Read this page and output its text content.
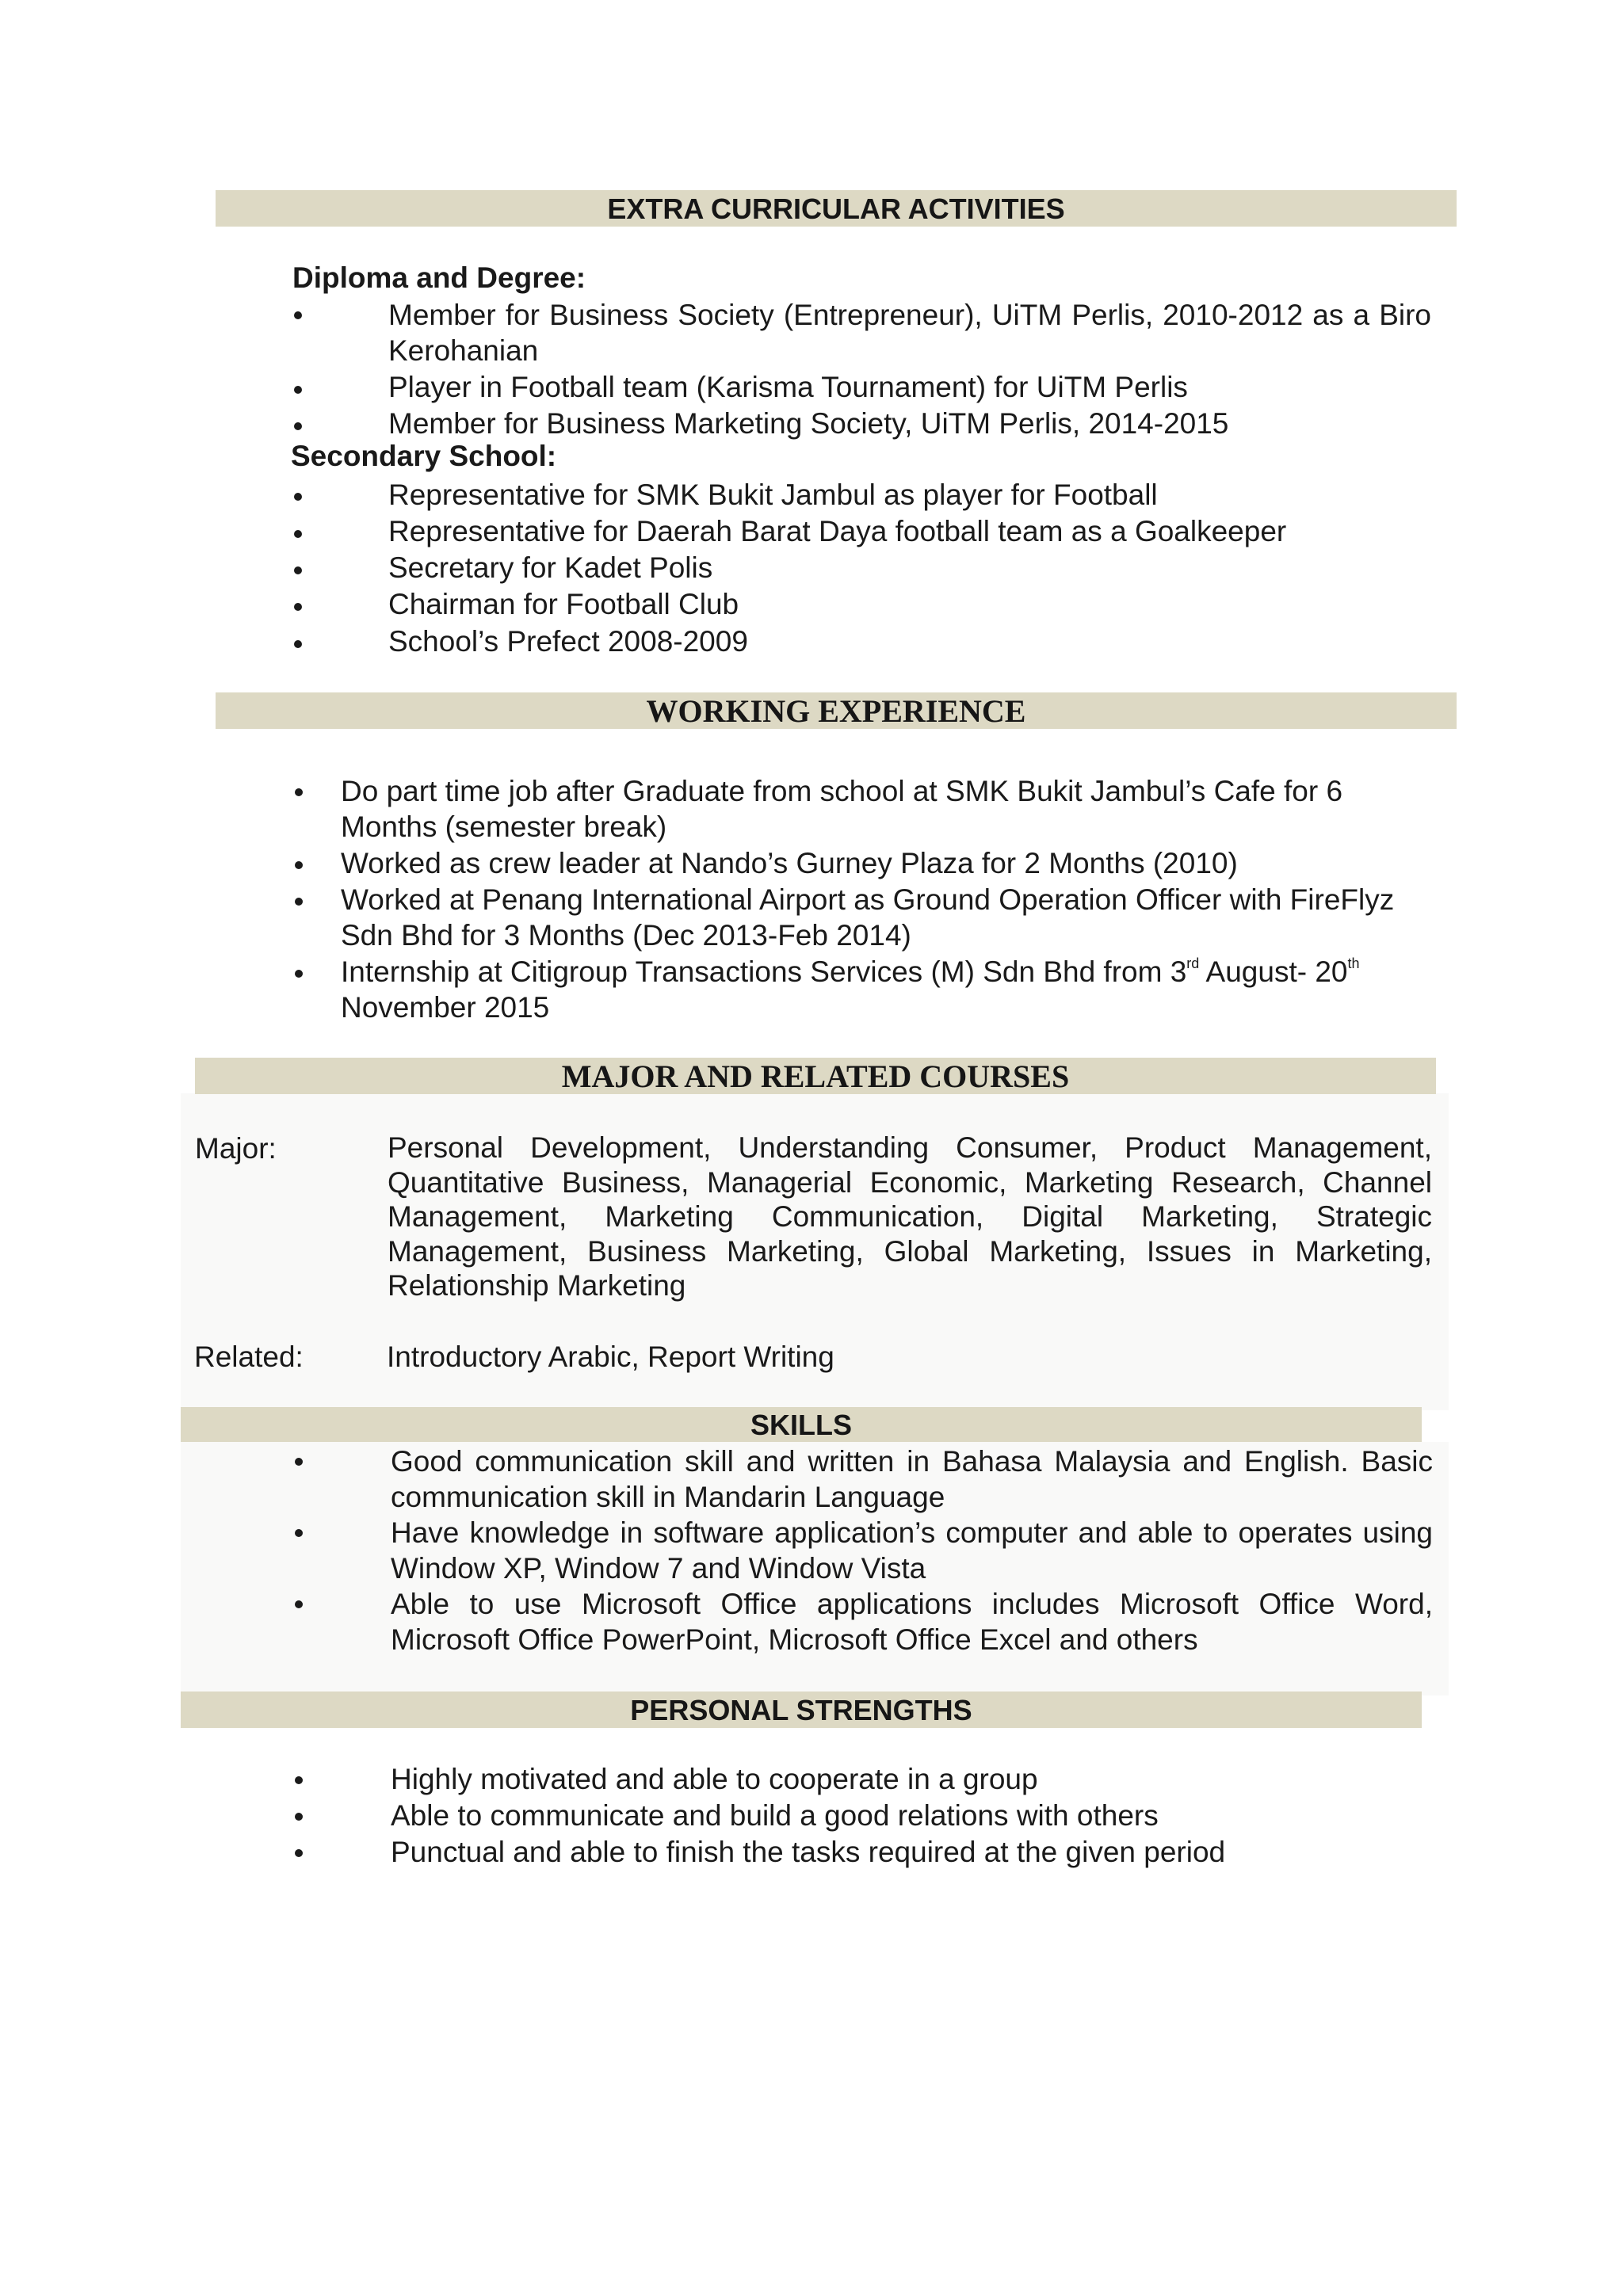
EXTRA CURRICULAR ACTIVITIES
Diploma and Degree:
Member for Business Society (Entrepreneur), UiTM Perlis, 2010-2012 as a Biro Kerohanian
Player in Football team (Karisma Tournament) for UiTM Perlis
Member for Business Marketing Society, UiTM Perlis, 2014-2015
Secondary School:
Representative for SMK Bukit Jambul as player for Football
Representative for Daerah Barat Daya football team as a Goalkeeper
Secretary for Kadet Polis
Chairman for Football Club
School’s Prefect 2008-2009
WORKING EXPERIENCE
Do part time job after Graduate from school at SMK Bukit Jambul’s Cafe for 6 Months (semester break)
Worked as crew leader at Nando’s Gurney Plaza for 2 Months (2010)
Worked at Penang International Airport as Ground Operation Officer with FireFlyz Sdn Bhd for 3 Months (Dec 2013-Feb 2014)
Internship at Citigroup Transactions Services (M) Sdn Bhd from 3rd August- 20th
November 2015
MAJOR AND RELATED COURSES
Major:	Personal Development, Understanding Consumer, Product Management, Quantitative Business, Managerial Economic, Marketing Research, Channel Management, Marketing Communication, Digital Marketing, Strategic Management, Business Marketing, Global Marketing, Issues in Marketing, Relationship Marketing
Related:	Introductory Arabic, Report Writing
SKILLS
Good communication skill and written in Bahasa Malaysia and English. Basic communication skill in Mandarin Language
Have knowledge in software application’s computer and able to operates using Window XP, Window 7 and Window Vista
Able to use Microsoft Office applications includes Microsoft Office Word, Microsoft Office PowerPoint, Microsoft Office Excel and others
PERSONAL STRENGTHS
Highly motivated and able to cooperate in a group
Able to communicate and build a good relations with others
Punctual and able to finish the tasks required at the given period
